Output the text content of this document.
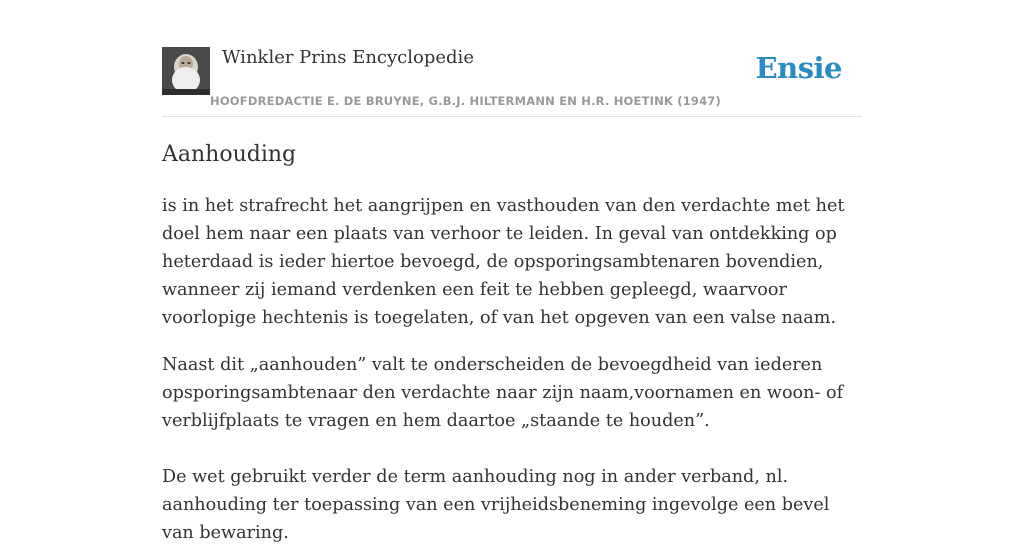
Winkler Prins Encyclopedie
HOOFDREDACTIE E. DE BRUYNE, G.B.J. HILTERMANN EN H.R. HOETINK (1947)
Ensie
Aanhouding

is in het strafrecht het aangrijpen en vasthouden van den verdachte met het doel hem naar een plaats van verhoor te leiden. In geval van ontdekking op heterdaad is ieder hiertoe bevoegd, de opsporingsambtenaren bovendien, wanneer zij iemand verdenken een feit te hebben gepleegd, waarvoor voorlopige hechtenis is toegelaten, of van het opgeven van een valse naam.

Naast dit „aanhouden” valt te onderscheiden de bevoegdheid van iederen opsporingsambtenaar den verdachte naar zijn naam,voornamen en woon- of verblijfplaats te vragen en hem daartoe „staande te houden”.

De wet gebruikt verder de term aanhouding nog in ander verband, nl. aanhouding ter toepassing van een vrijheidsbeneming ingevolge een bevel van bewaring.
